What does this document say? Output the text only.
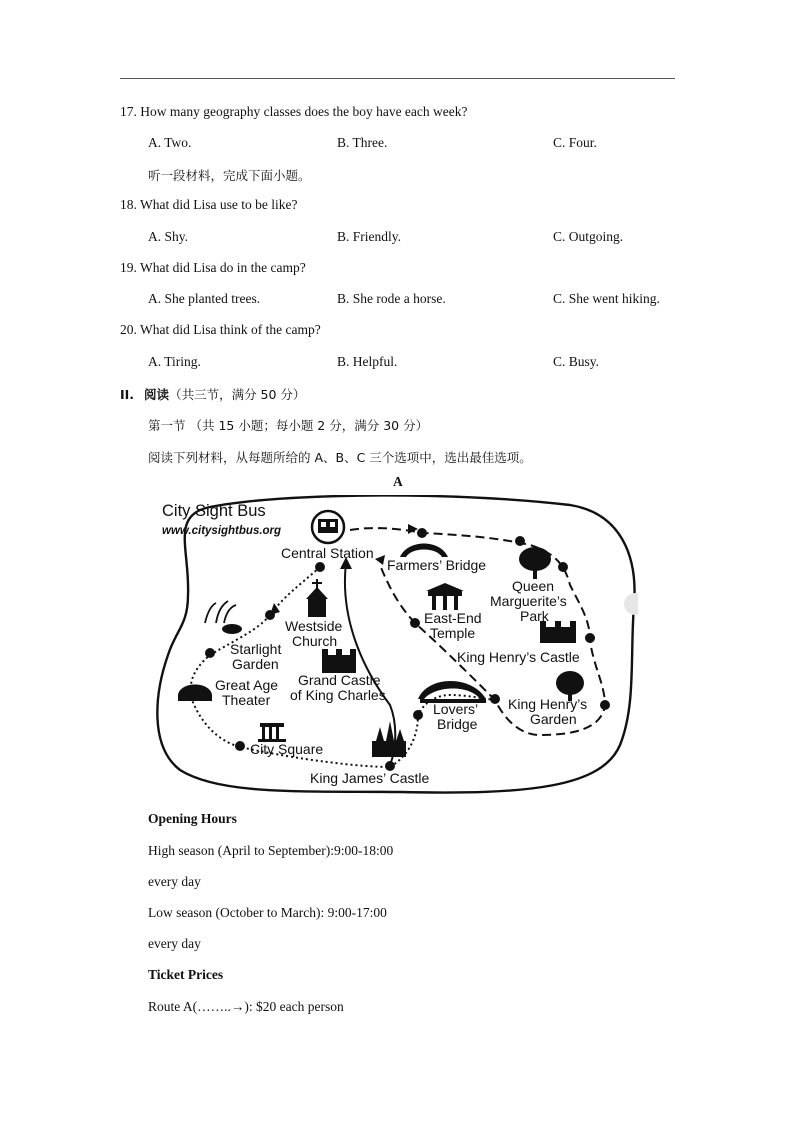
17. How many geography classes does the boy have each week?
A. Two.	B. Three.	C. Four.
听一段材料，完成下面小题。
18. What did Lisa use to be like?
A. Shy.	B. Friendly.	C. Outgoing.
19. What did Lisa do in the camp?
A. She planted trees.	B. She rode a horse.	C. She went hiking.
20. What did Lisa think of the camp?
A. Tiring.	B. Helpful.	C. Busy.
II. 阅读（共三节，满分 50 分）
第一节 （共 15 小题；每小题 2 分，满分 30 分）
阅读下列材料，从每题所给的 A、B、C 三个选项中，选出最佳选项。
A
City Sight Bus
www.citysightbus.org
Central Station
Farmers’ Bridge
Queen
Marguerite’s
Park
East-End
Temple
Westside
Church
Starlight
Garden	King Henry’s Castle
Grand Castle
of King Charles
Great Age
Theater	King Henry’s
Garden
Lovers’
Bridge
City Square
King James’ Castle
Opening Hours
High season (April to September):9:00-18:00
every day
Low season (October to March): 9:00-17:00
every day
Ticket Prices
Route A(……..→): $20 each person
